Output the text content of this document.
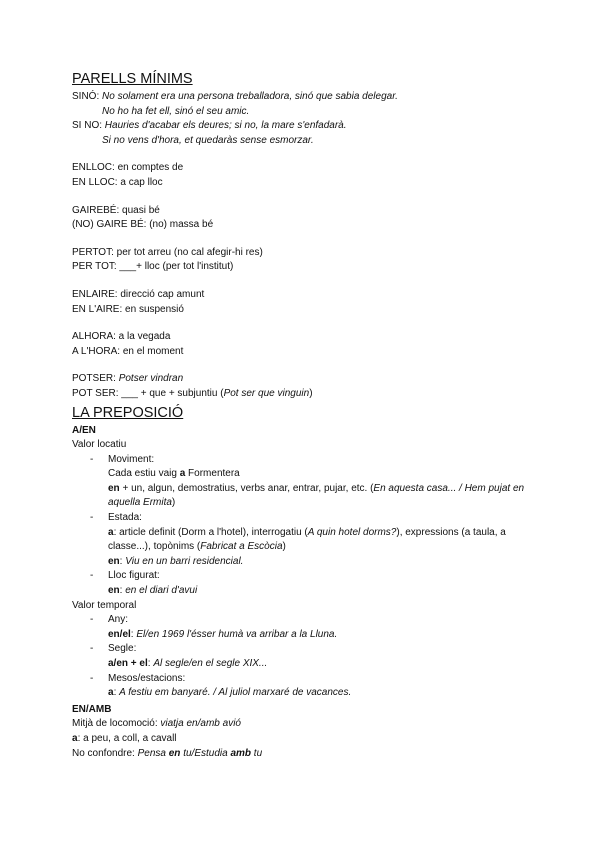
PARELLS MÍNIMS
SINÓ: No solament era una persona treballadora, sinó que sabia delegar.
No ho ha fet ell, sinó el seu amic.
SI NO: Hauries d'acabar els deures; si no, la mare s'enfadarà.
Si no vens d'hora, et quedaràs sense esmorzar.
ENLLOC: en comptes de
EN LLOC: a cap lloc
GAIREBÉ: quasi bé
(NO) GAIRE BÉ: (no) massa bé
PERTOT: per tot arreu (no cal afegir-hi res)
PER TOT: ___+ lloc (per tot l'institut)
ENLAIRE: direcció cap amunt
EN L'AIRE: en suspensió
ALHORA: a la vegada
A L'HORA: en el moment
POTSER: Potser vindran
POT SER: ___ + que + subjuntiu (Pot ser que vinguin)
LA PREPOSICIÓ
A/EN
Valor locatiu
- Moviment:
Cada estiu vaig a Formentera
en + un, algun, demostratius, verbs anar, entrar, pujar, etc. (En aquesta casa... / Hem pujat en aquella Ermita)
- Estada:
a: article definit (Dorm a l'hotel), interrogatiu (A quin hotel dorms?), expressions (a taula, a classe...), topònims (Fabricat a Escòcia)
en: Viu en un barri residencial.
- Lloc figurat:
en: en el diari d'avui
Valor temporal
- Any:
en/el: El/en 1969 l'ésser humà va arribar a la Lluna.
- Segle:
a/en + el: Al segle/en el segle XIX...
- Mesos/estacions:
a: A festiu em banyaré. / Al juliol marxaré de vacances.
EN/AMB
Mitjà de locomoció: viatja en/amb avió
a: a peu, a coll, a cavall
No confondre: Pensa en tu/Estudia amb tu
